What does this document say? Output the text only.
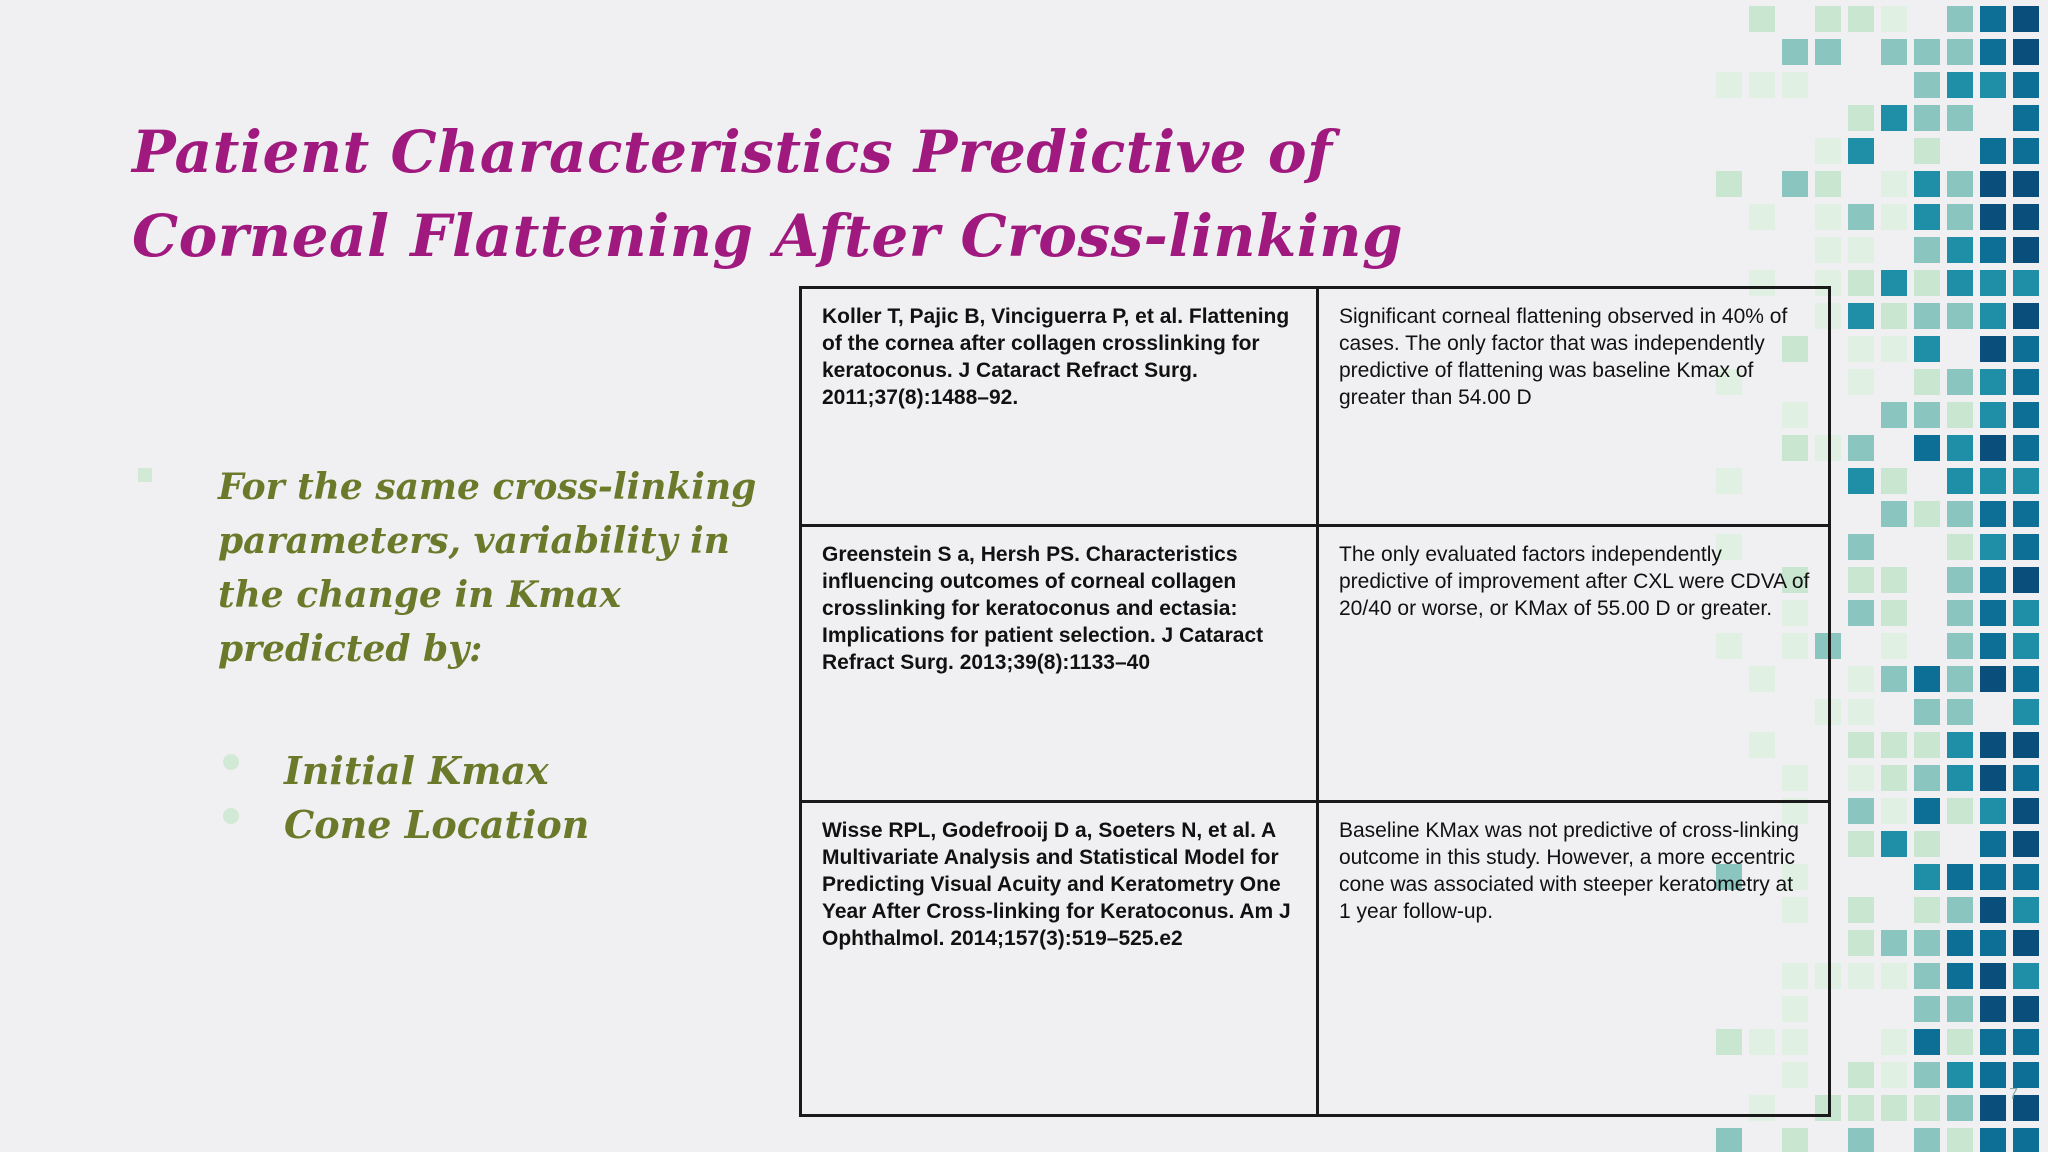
Patient Characteristics Predictive of
Corneal Flattening After Cross-linking
For the same cross-linking parameters, variability in the change in Kmax predicted by:
Initial Kmax
Cone Location
Koller T, Pajic B, Vinciguerra P, et al. Flattening of the cornea after collagen crosslinking for keratoconus. J Cataract Refract Surg. 2011;37(8):1488–92.	Significant corneal flattening observed in 40% of cases. The only factor that was independently predictive of flattening was baseline Kmax of greater than 54.00 D
Greenstein S a, Hersh PS. Characteristics influencing outcomes of corneal collagen crosslinking for keratoconus and ectasia: Implications for patient selection. J Cataract Refract Surg. 2013;39(8):1133–40	The only evaluated factors independently predictive of improvement after CXL were CDVA of 20/40 or worse, or KMax of 55.00 D or greater.
Wisse RPL, Godefrooij D a, Soeters N, et al. A Multivariate Analysis and Statistical Model for Predicting Visual Acuity and Keratometry One Year After Cross-linking for Keratoconus. Am J Ophthalmol. 2014;157(3):519–525.e2	Baseline KMax was not predictive of cross-linking outcome in this study. However, a more eccentric cone was associated with steeper keratometry at 1 year follow-up.
7
